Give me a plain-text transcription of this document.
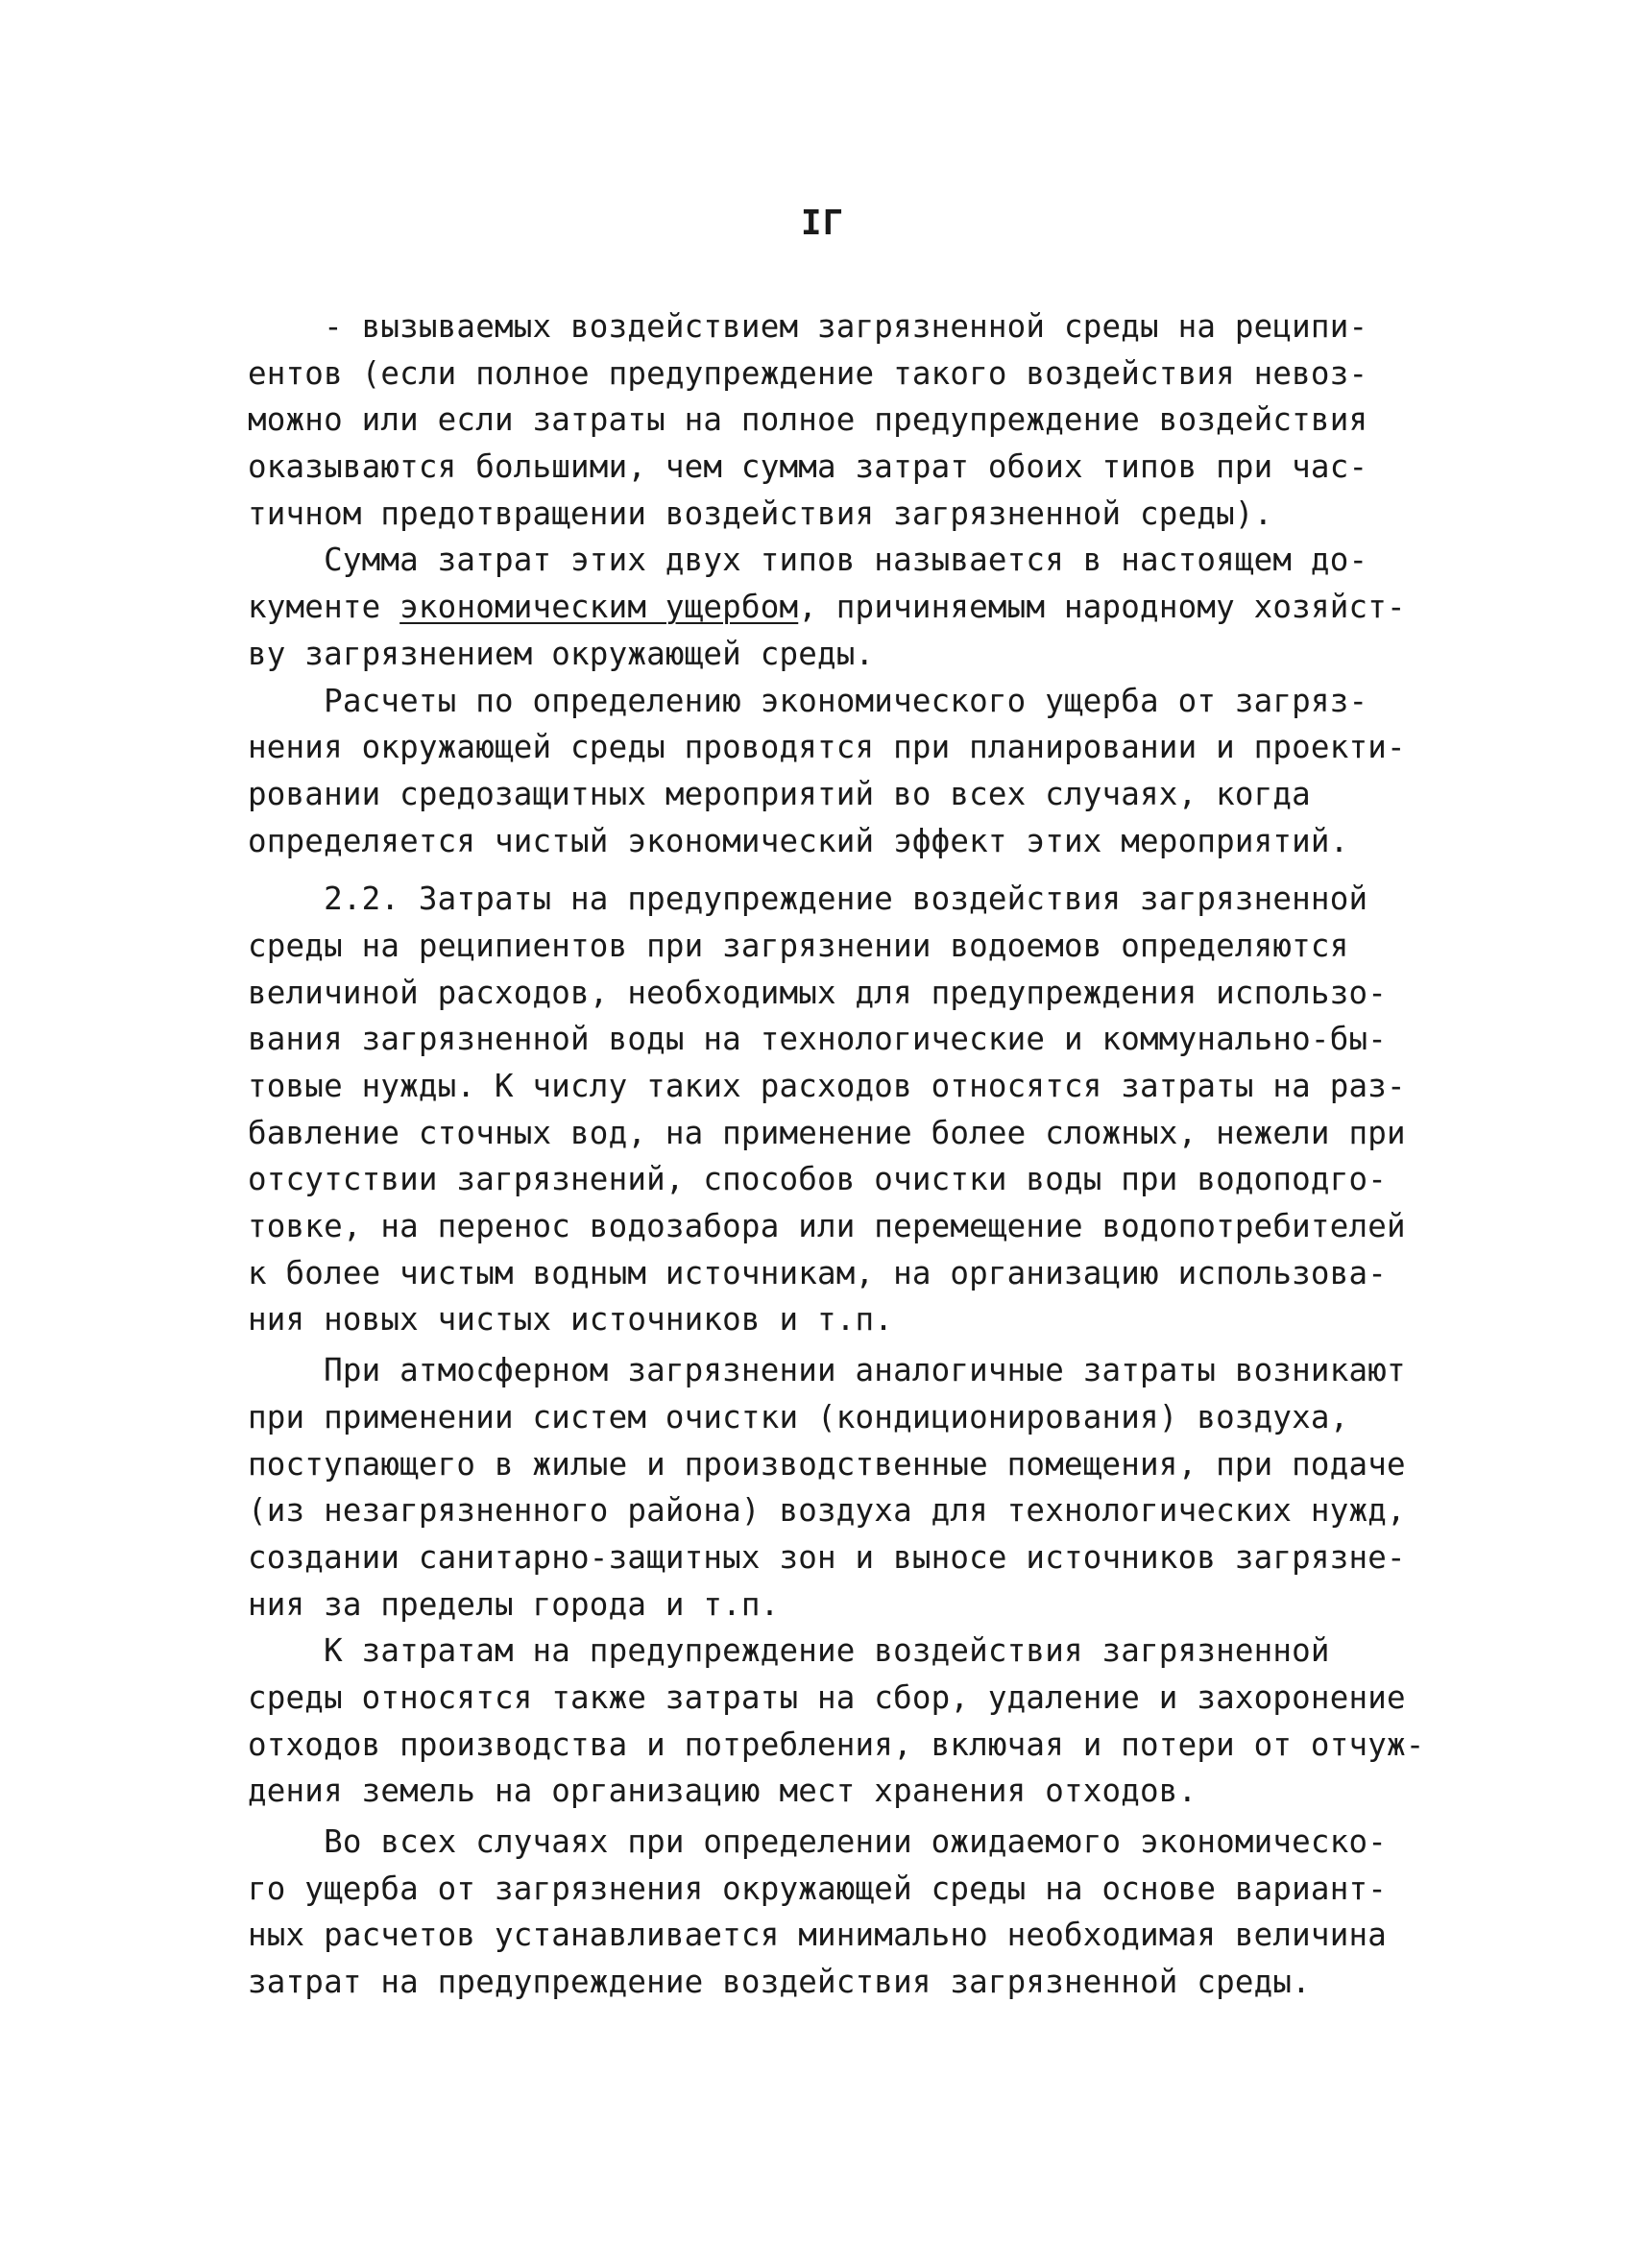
IГ
- вызываемых воздействием загрязненной среды на реципи-
ентов (если полное предупреждение такого воздействия невоз-
можно или если затраты на полное предупреждение воздействия
оказываются большими, чем сумма затрат обоих типов при час-
тичном предотвращении воздействия загрязненной среды).
Сумма затрат этих двух типов называется в настоящем до-
кументе экономическим ущербом, причиняемым народному хозяйст-
ву загрязнением окружающей среды.
Расчеты по определению экономического ущерба от загряз-
нения окружающей среды проводятся при планировании и проекти-
ровании средозащитных мероприятий во всех случаях, когда
определяется чистый экономический эффект этих мероприятий.
2.2. Затраты на предупреждение воздействия загрязненной
среды на реципиентов при загрязнении водоемов определяются
величиной расходов, необходимых для предупреждения использо-
вания загрязненной воды на технологические и коммунально-бы-
товые нужды. К числу таких расходов относятся затраты на раз-
бавление сточных вод, на применение более сложных, нежели при
отсутствии загрязнений, способов очистки воды при водоподго-
товке, на перенос водозабора или перемещение водопотребителей
к более чистым водным источникам, на организацию использова-
ния новых чистых источников и т.п.
При атмосферном загрязнении аналогичные затраты возникают
при применении систем очистки (кондиционирования) воздуха,
поступающего в жилые и производственные помещения, при подаче
(из незагрязненного района) воздуха для технологических нужд,
создании санитарно-защитных зон и выносе источников загрязне-
ния за пределы города и т.п.
К затратам на предупреждение воздействия загрязненной
среды относятся также затраты на сбор, удаление и захоронение
отходов производства и потребления, включая и потери от отчуж-
дения земель на организацию мест хранения отходов.
Во всех случаях при определении ожидаемого экономическо-
го ущерба от загрязнения окружающей среды на основе вариант-
ных расчетов устанавливается минимально необходимая величина
затрат на предупреждение воздействия загрязненной среды.
